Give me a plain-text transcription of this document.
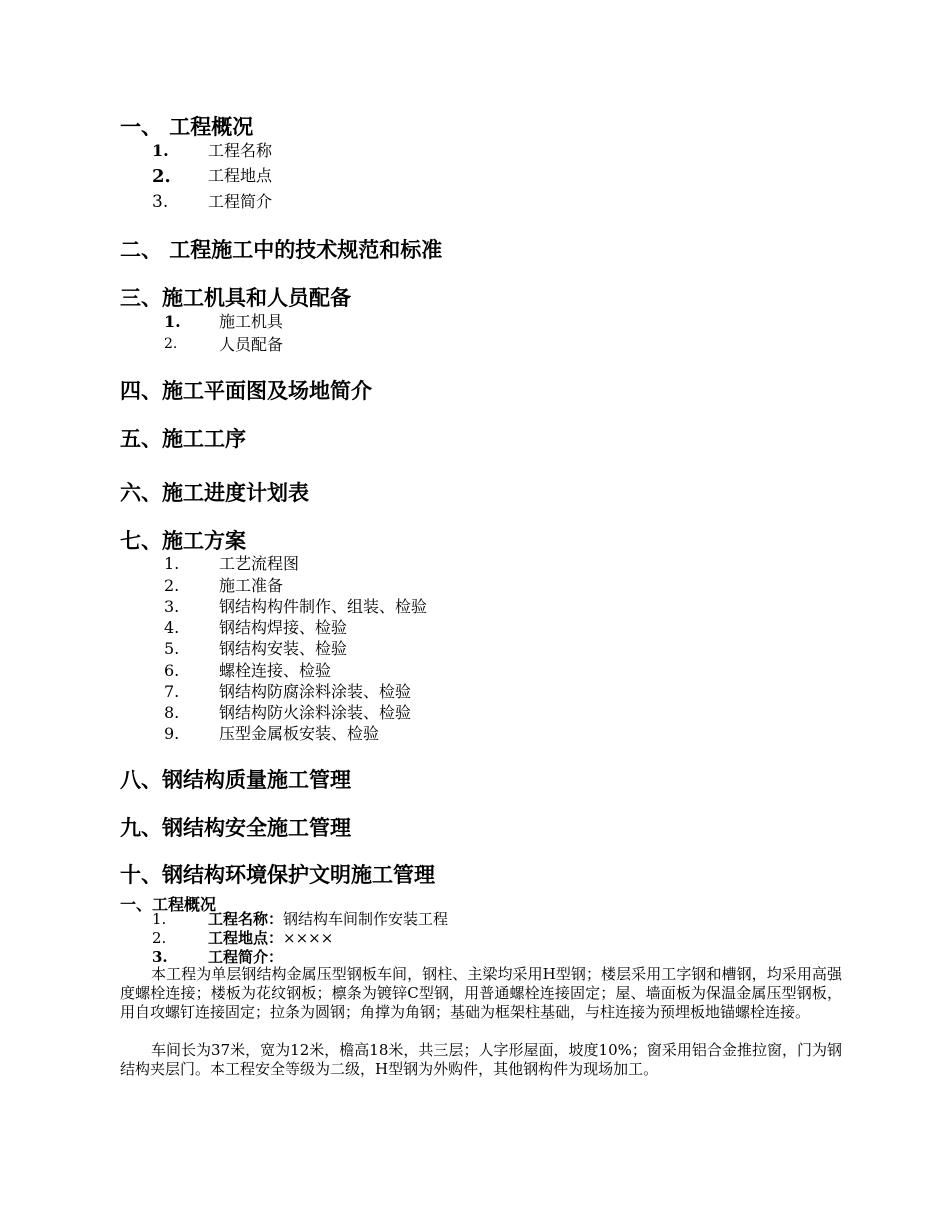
一、 工程概况
1. 工程名称
2. 工程地点
3. 工程简介
二、 工程施工中的技术规范和标准
三、施工机具和人员配备
1. 施工机具
2.	人员配备
四、施工平面图及场地简介
五、施工工序
六、施工进度计划表
七、施工方案
1. 工艺流程图
2. 施工准备
3. 钢结构构件制作、组装、检验
4. 钢结构焊接、检验
5. 钢结构安装、检验
6. 螺栓连接、检验
7. 钢结构防腐涂料涂装、检验
8. 钢结构防火涂料涂装、检验
9. 压型金属板安装、检验
八、钢结构质量施工管理
九、钢结构安全施工管理
十、钢结构环境保护文明施工管理
一、工程概况
1.	工程名称：钢结构车间制作安装工程
2.	工程地点：××××
3.	工程简介：
本工程为单层钢结构金属压型钢板车间，钢柱、主梁均采用H型钢；楼层采用工字钢和槽钢，均采用高强度螺栓连接；楼板为花纹钢板；檩条为镀锌C型钢，用普通螺栓连接固定；屋、墙面板为保温金属压型钢板，用自攻螺钉连接固定；拉条为圆钢；角撑为角钢；基础为框架柱基础，与柱连接为预埋板地锚螺栓连接。
车间长为37米，宽为12米，檐高18米，共三层；人字形屋面，坡度10%；窗采用铝合金推拉窗，门为钢结构夹层门。本工程安全等级为二级，H型钢为外购件，其他钢构件为现场加工。
